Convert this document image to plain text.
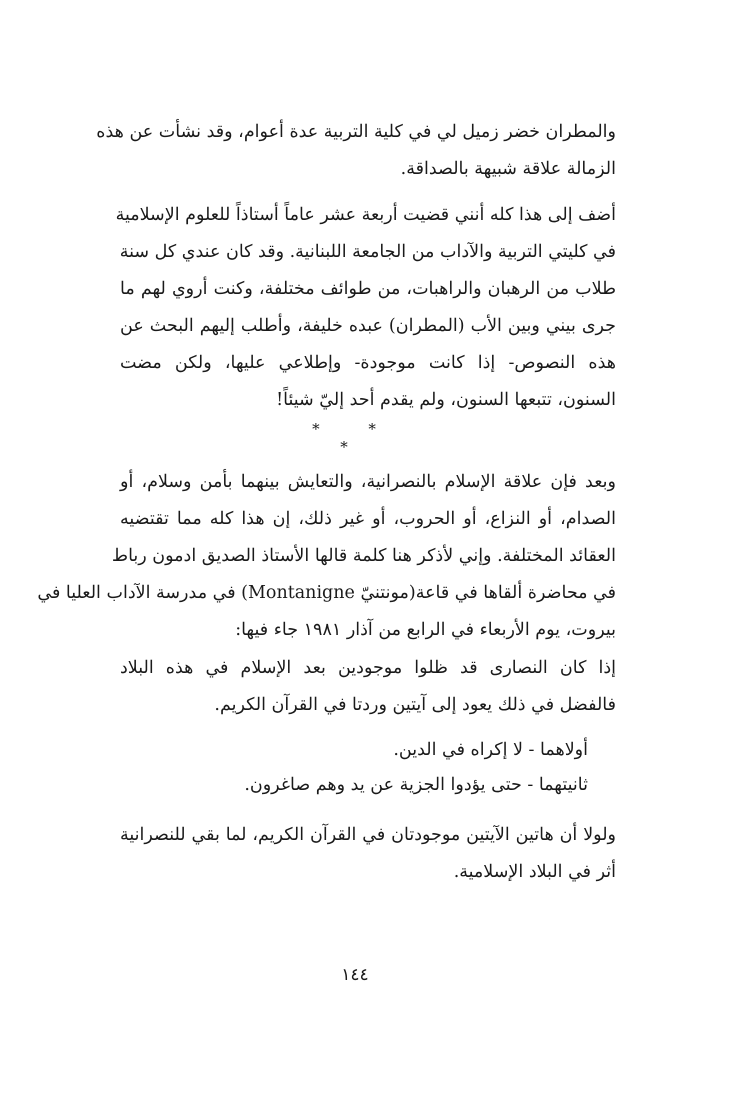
والمطران خضر زميل لي في كلية التربية عدة أعوام، وقد نشأت عن هذه
الزمالة علاقة شبيهة بالصداقة.
أضف إلى هذا كله أنني قضيت أربعة عشر عاماً أستاذاً للعلوم الإسلامية
في كليتي التربية والآداب من الجامعة اللبنانية. وقد كان عندي كل سنة
طلاب من الرهبان والراهبات، من طوائف مختلفة، وكنت أروي لهم ما
جرى بيني وبين الأب (المطران) عبده خليفة، وأطلب إليهم البحث عن
هذه النصوص- إذا كانت موجودة- وإطلاعي عليها، ولكن مضت
السنون، تتبعها السنون، ولم يقدم أحد إليّ شيئاً!
* * *
وبعد فإن علاقة الإسلام بالنصرانية، والتعايش بينهما بأمن وسلام، أو
الصدام، أو النزاع، أو الحروب، أو غير ذلك، إن هذا كله مما تقتضيه
العقائد المختلفة. وإني لأذكر هنا كلمة قالها الأستاذ الصديق ادمون رباط
في محاضرة ألقاها في قاعة(مونتنيّ Montanigne) في مدرسة الآداب العليا في
بيروت، يوم الأربعاء في الرابع من آذار ١٩٨١ جاء فيها:
إذا كان النصارى قد ظلوا موجودين بعد الإسلام في هذه البلاد
فالفضل في ذلك يعود إلى آيتين وردتا في القرآن الكريم.
أولاهما - لا إكراه في الدين.
ثانيتهما - حتى يؤدوا الجزية عن يد وهم صاغرون.
ولولا أن هاتين الآيتين موجودتان في القرآن الكريم، لما بقي للنصرانية
أثر في البلاد الإسلامية.
١٤٤
